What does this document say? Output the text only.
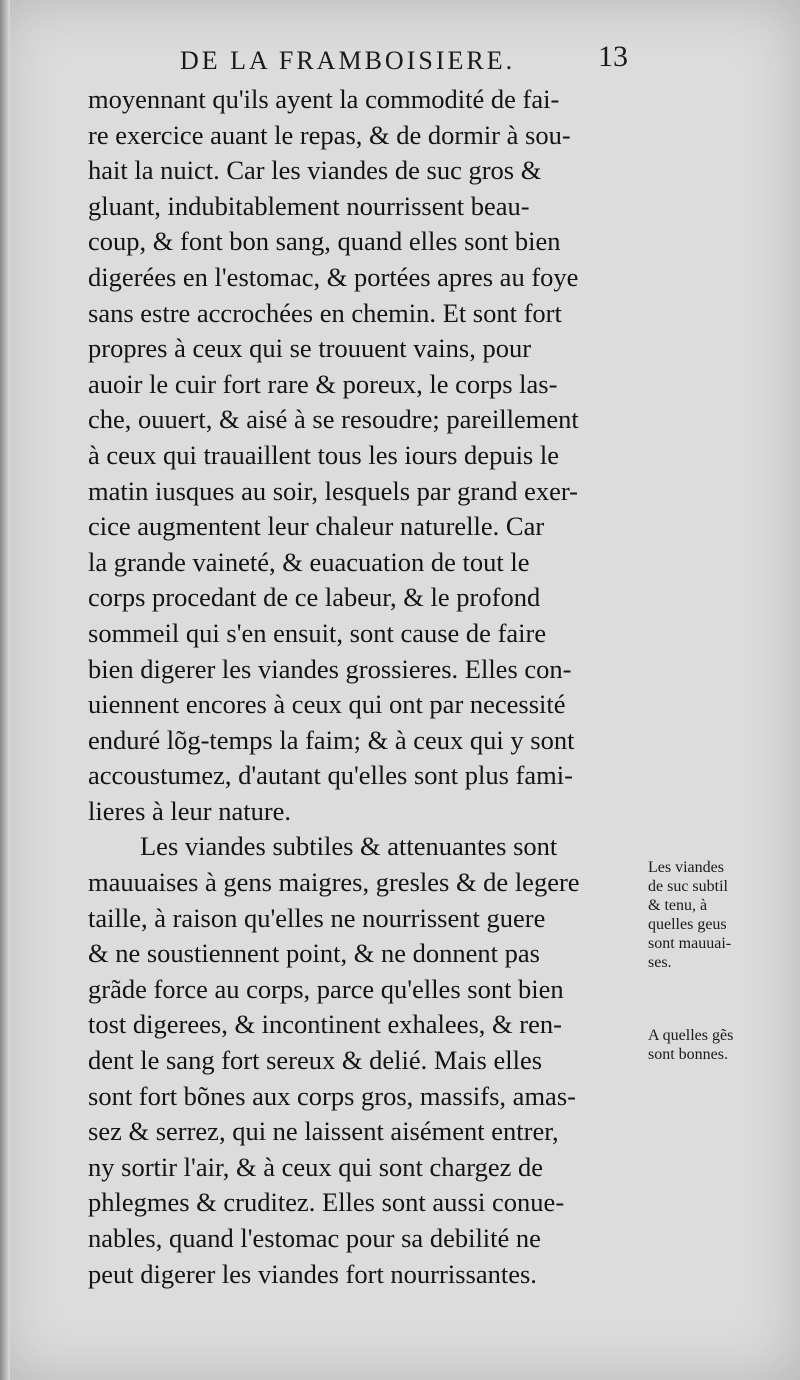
DE LA FRAMBOISIERE.	13
moyennant qu'ils ayent la commodité de fai-
re exercice auant le repas, & de dormir à sou-
hait la nuict. Car les viandes de suc gros &
gluant, indubitablement nourrissent beau-
coup, & font bon sang, quand elles sont bien
digerées en l'estomac, & portées apres au foye
sans estre accrochées en chemin. Et sont fort
propres à ceux qui se trouuent vains, pour
auoir le cuir fort rare & poreux, le corps las-
che, ouuert, & aisé à se resoudre; pareillement
à ceux qui trauaillent tous les iours depuis le
matin iusques au soir, lesquels par grand exer-
cice augmentent leur chaleur naturelle. Car
la grande vaineté, & euacuation de tout le
corps procedant de ce labeur, & le profond
sommeil qui s'en ensuit, sont cause de faire
bien digerer les viandes grossieres. Elles con-
uiennent encores à ceux qui ont par necessité
enduré lõg-temps la faim; & à ceux qui y sont
accoustumez, d'autant qu'elles sont plus fami-
lieres à leur nature.
Les viandes subtiles & attenuantes sont
mauuaises à gens maigres, gresles & de legere
taille, à raison qu'elles ne nourrissent guere
& ne soustiennent point, & ne donnent pas
grãde force au corps, parce qu'elles sont bien
tost digerees, & incontinent exhalees, & ren-
dent le sang fort sereux & delié. Mais elles
sont fort bõnes aux corps gros, massifs, amas-
sez & serrez, qui ne laissent aisément entrer,
ny sortir l'air, & à ceux qui sont chargez de
phlegmes & cruditez. Elles sont aussi conue-
nables, quand l'estomac pour sa debilité ne
peut digerer les viandes fort nourrissantes.
Les viandes
de suc subtil
& tenu, à
quelles geus
sont mauuai-
ses.
A quelles gẽs
sont bonnes.
